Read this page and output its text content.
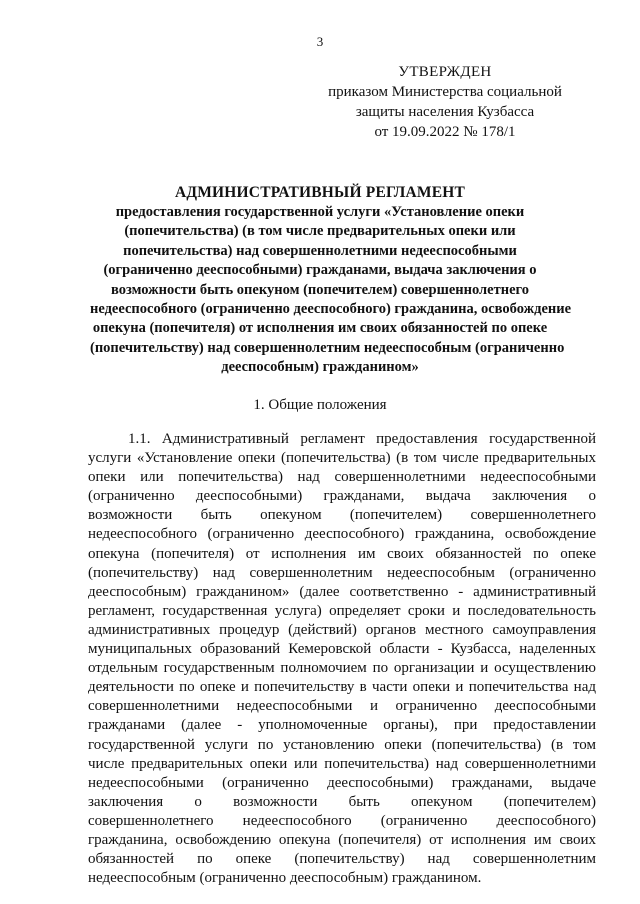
3
УТВЕРЖДЕН
приказом Министерства социальной
защиты населения Кузбасса
от 19.09.2022 № 178/1
АДМИНИСТРАТИВНЫЙ РЕГЛАМЕНТ
предоставления государственной услуги «Установление опеки
(попечительства) (в том числе предварительных опеки или
попечительства) над совершеннолетними недееспособными
(ограниченно дееспособными) гражданами, выдача заключения о
возможности быть опекуном (попечителем) совершеннолетнего
недееспособного (ограниченно дееспособного) гражданина, освобождение
опекуна (попечителя) от исполнения им своих обязанностей по опеке
(попечительству) над совершеннолетним недееспособным (ограниченно
дееспособным) гражданином»
1. Общие положения
1.1. Административный регламент предоставления государственной
услуги «Установление опеки (попечительства) (в том числе предварительных
опеки или попечительства) над совершеннолетними недееспособными
(ограниченно дееспособными) гражданами, выдача заключения о
возможности быть опекуном (попечителем) совершеннолетнего
недееспособного (ограниченно дееспособного) гражданина, освобождение
опекуна (попечителя) от исполнения им своих обязанностей по опеке
(попечительству) над совершеннолетним недееспособным (ограниченно
дееспособным) гражданином» (далее соответственно - административный
регламент, государственная услуга) определяет сроки и последовательность
административных процедур (действий) органов местного самоуправления
муниципальных образований Кемеровской области - Кузбасса, наделенных
отдельным государственным полномочием по организации и осуществлению
деятельности по опеке и попечительству в части опеки и попечительства над
совершеннолетними недееспособными и ограниченно дееспособными
гражданами (далее - уполномоченные органы), при предоставлении
государственной услуги по установлению опеки (попечительства) (в том
числе предварительных опеки или попечительства) над совершеннолетними
недееспособными (ограниченно дееспособными) гражданами, выдаче
заключения о возможности быть опекуном (попечителем)
совершеннолетнего недееспособного (ограниченно дееспособного)
гражданина, освобождению опекуна (попечителя) от исполнения им своих
обязанностей по опеке (попечительству) над совершеннолетним
недееспособным (ограниченно дееспособным) гражданином.
